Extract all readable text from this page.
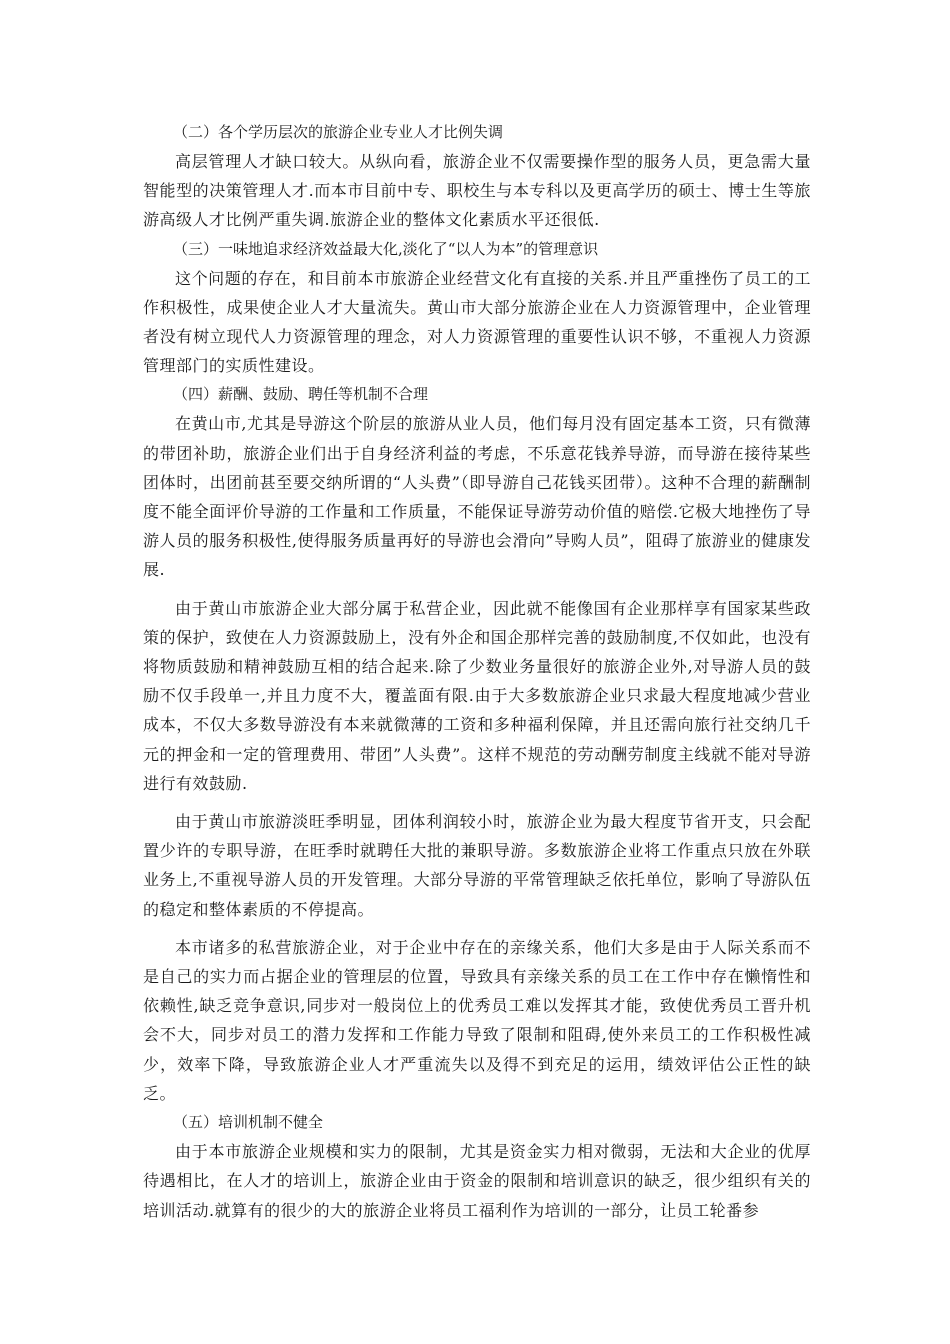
（二）各个学历层次的旅游企业专业人才比例失调

高层管理人才缺口较大。从纵向看，旅游企业不仅需要操作型的服务人员，更急需大量智能型的决策管理人才.而本市目前中专、职校生与本专科以及更高学历的硕士、博士生等旅游高级人才比例严重失调.旅游企业的整体文化素质水平还很低.

（三）一味地追求经济效益最大化,淡化了“以人为本”的管理意识

这个问题的存在，和目前本市旅游企业经营文化有直接的关系.并且严重挫伤了员工的工作积极性，成果使企业人才大量流失。黄山市大部分旅游企业在人力资源管理中，企业管理者没有树立现代人力资源管理的理念，对人力资源管理的重要性认识不够，不重视人力资源管理部门的实质性建设。

（四）薪酬、鼓励、聘任等机制不合理

在黄山市,尤其是导游这个阶层的旅游从业人员，他们每月没有固定基本工资，只有微薄的带团补助，旅游企业们出于自身经济利益的考虑，不乐意花钱养导游，而导游在接待某些团体时，出团前甚至要交纳所谓的“人头费”（即导游自己花钱买团带）。这种不合理的薪酬制度不能全面评价导游的工作量和工作质量，不能保证导游劳动价值的赔偿.它极大地挫伤了导游人员的服务积极性,使得服务质量再好的导游也会滑向”导购人员”，阻碍了旅游业的健康发展.

由于黄山市旅游企业大部分属于私营企业，因此就不能像国有企业那样享有国家某些政策的保护，致使在人力资源鼓励上，没有外企和国企那样完善的鼓励制度,不仅如此，也没有将物质鼓励和精神鼓励互相的结合起来.除了少数业务量很好的旅游企业外,对导游人员的鼓励不仅手段单一,并且力度不大，覆盖面有限.由于大多数旅游企业只求最大程度地减少营业成本，不仅大多数导游没有本来就微薄的工资和多种福利保障，并且还需向旅行社交纳几千元的押金和一定的管理费用、带团”人头费”。这样不规范的劳动酬劳制度主线就不能对导游进行有效鼓励.

由于黄山市旅游淡旺季明显，团体利润较小时，旅游企业为最大程度节省开支，只会配置少许的专职导游，在旺季时就聘任大批的兼职导游。多数旅游企业将工作重点只放在外联业务上,不重视导游人员的开发管理。大部分导游的平常管理缺乏依托单位，影响了导游队伍的稳定和整体素质的不停提高。

本市诸多的私营旅游企业，对于企业中存在的亲缘关系，他们大多是由于人际关系而不是自己的实力而占据企业的管理层的位置，导致具有亲缘关系的员工在工作中存在懒惰性和依赖性,缺乏竞争意识,同步对一般岗位上的优秀员工难以发挥其才能，致使优秀员工晋升机会不大，同步对员工的潜力发挥和工作能力导致了限制和阻碍,使外来员工的工作积极性减少，效率下降，导致旅游企业人才严重流失以及得不到充足的运用，绩效评估公正性的缺乏。

（五）培训机制不健全

由于本市旅游企业规模和实力的限制，尤其是资金实力相对微弱，无法和大企业的优厚待遇相比，在人才的培训上，旅游企业由于资金的限制和培训意识的缺乏，很少组织有关的培训活动.就算有的很少的大的旅游企业将员工福利作为培训的一部分，让员工轮番参
